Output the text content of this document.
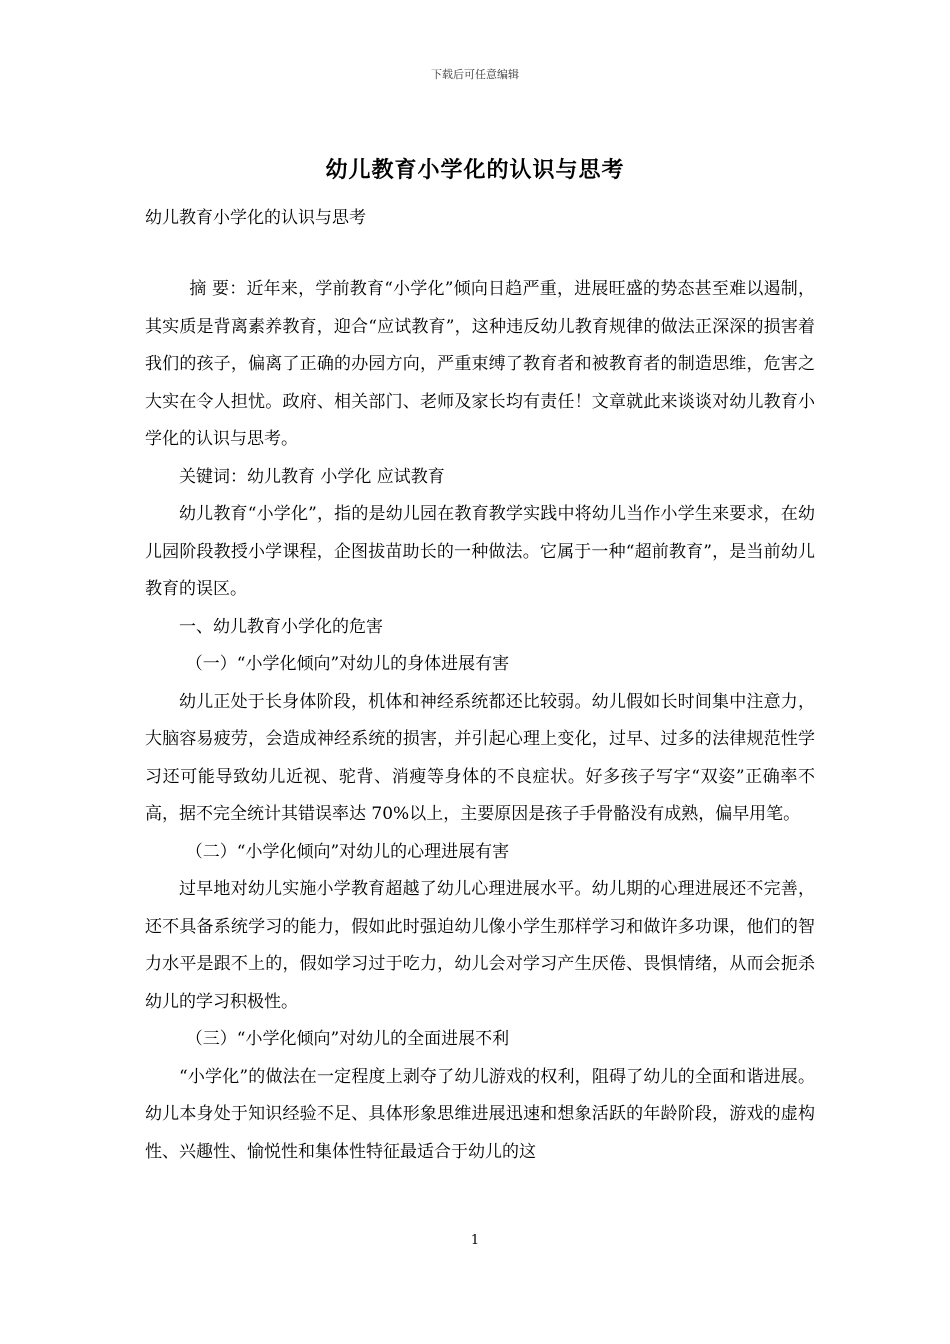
下载后可任意编辑
幼儿教育小学化的认识与思考
幼儿教育小学化的认识与思考

摘 要：近年来，学前教育“小学化”倾向日趋严重，进展旺盛的势态甚至难以遏制，其实质是背离素养教育，迎合“应试教育”，这种违反幼儿教育规律的做法正深深的损害着我们的孩子，偏离了正确的办园方向，严重束缚了教育者和被教育者的制造思维，危害之大实在令人担忧。政府、相关部门、老师及家长均有责任！文章就此来谈谈对幼儿教育小学化的认识与思考。

关键词：幼儿教育 小学化 应试教育

幼儿教育“小学化”，指的是幼儿园在教育教学实践中将幼儿当作小学生来要求，在幼儿园阶段教授小学课程，企图拔苗助长的一种做法。它属于一种“超前教育”，是当前幼儿教育的误区。

一、幼儿教育小学化的危害

（一）“小学化倾向”对幼儿的身体进展有害

幼儿正处于长身体阶段，机体和神经系统都还比较弱。幼儿假如长时间集中注意力，大脑容易疲劳，会造成神经系统的损害，并引起心理上变化，过早、过多的法律规范性学习还可能导致幼儿近视、驼背、消瘦等身体的不良症状。好多孩子写字“双姿”正确率不高，据不完全统计其错误率达 70%以上，主要原因是孩子手骨骼没有成熟，偏早用笔。

（二）“小学化倾向”对幼儿的心理进展有害

过早地对幼儿实施小学教育超越了幼儿心理进展水平。幼儿期的心理进展还不完善，还不具备系统学习的能力，假如此时强迫幼儿像小学生那样学习和做许多功课，他们的智力水平是跟不上的，假如学习过于吃力，幼儿会对学习产生厌倦、畏惧情绪，从而会扼杀幼儿的学习积极性。

（三）“小学化倾向”对幼儿的全面进展不利

“小学化”的做法在一定程度上剥夺了幼儿游戏的权利，阻碍了幼儿的全面和谐进展。幼儿本身处于知识经验不足、具体形象思维进展迅速和想象活跃的年龄阶段，游戏的虚构性、兴趣性、愉悦性和集体性特征最适合于幼儿的这

1
